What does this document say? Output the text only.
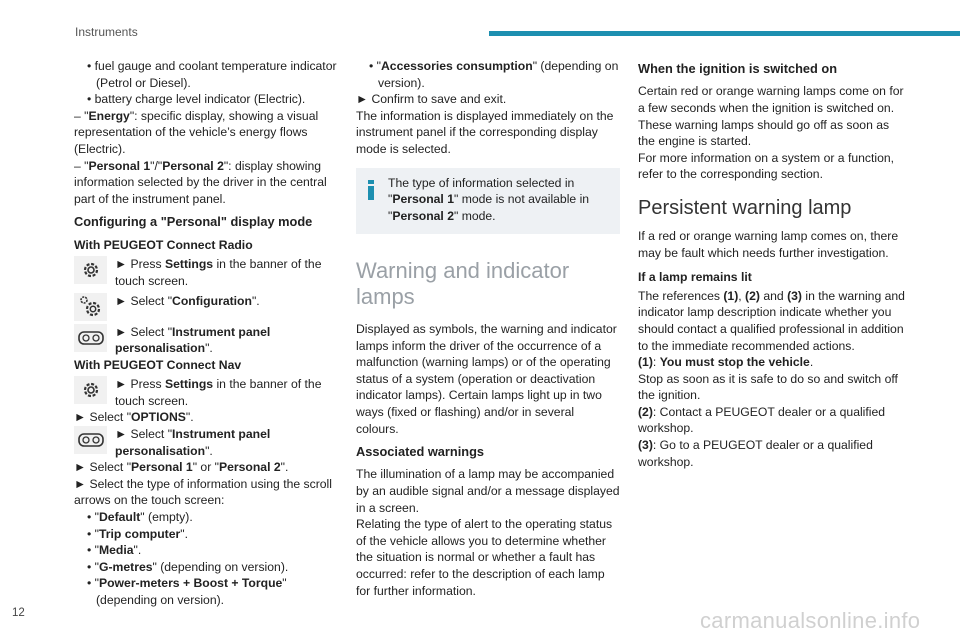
Instruments

• fuel gauge and coolant temperature indicator (Petrol or Diesel).

• battery charge level indicator (Electric).

– "Energy": specific display, showing a visual representation of the vehicle’s energy flows (Electric).

– "Personal 1"/"Personal 2": display showing information selected by the driver in the central part of the instrument panel.

Configuring a "Personal" display mode

With PEUGEOT Connect Radio

► Press Settings in the banner of the touch screen.

► Select "Configuration".

► Select "Instrument panel personalisation".

With PEUGEOT Connect Nav

► Press Settings in the banner of the touch screen.

► Select "OPTIONS".

► Select "Instrument panel personalisation".

► Select "Personal 1" or "Personal 2".

► Select the type of information using the scroll arrows on the touch screen:

• "Default" (empty).

• "Trip computer".

• "Media".

• "G-metres" (depending on version).

• "Power-meters + Boost + Torque" (depending on version).

• "Accessories consumption" (depending on version).

► Confirm to save and exit.

The information is displayed immediately on the instrument panel if the corresponding display mode is selected.

The type of information selected in "Personal 1" mode is not available in "Personal 2" mode.

Warning and indicator lamps

Displayed as symbols, the warning and indicator lamps inform the driver of the occurrence of a malfunction (warning lamps) or of the operating status of a system (operation or deactivation indicator lamps). Certain lamps light up in two ways (fixed or flashing) and/or in several colours.

Associated warnings

The illumination of a lamp may be accompanied by an audible signal and/or a message displayed in a screen.

Relating the type of alert to the operating status of the vehicle allows you to determine whether the situation is normal or whether a fault has occurred: refer to the description of each lamp for further information.

When the ignition is switched on

Certain red or orange warning lamps come on for a few seconds when the ignition is switched on. These warning lamps should go off as soon as the engine is started.

For more information on a system or a function, refer to the corresponding section.

Persistent warning lamp

If a red or orange warning lamp comes on, there may be fault which needs further investigation.

If a lamp remains lit

The references (1), (2) and (3) in the warning and indicator lamp description indicate whether you should contact a qualified professional in addition to the immediate recommended actions.

(1): You must stop the vehicle.

Stop as soon as it is safe to do so and switch off the ignition.

(2): Contact a PEUGEOT dealer or a qualified workshop.

(3): Go to a PEUGEOT dealer or a qualified workshop.

12	carmanualsonline.info
